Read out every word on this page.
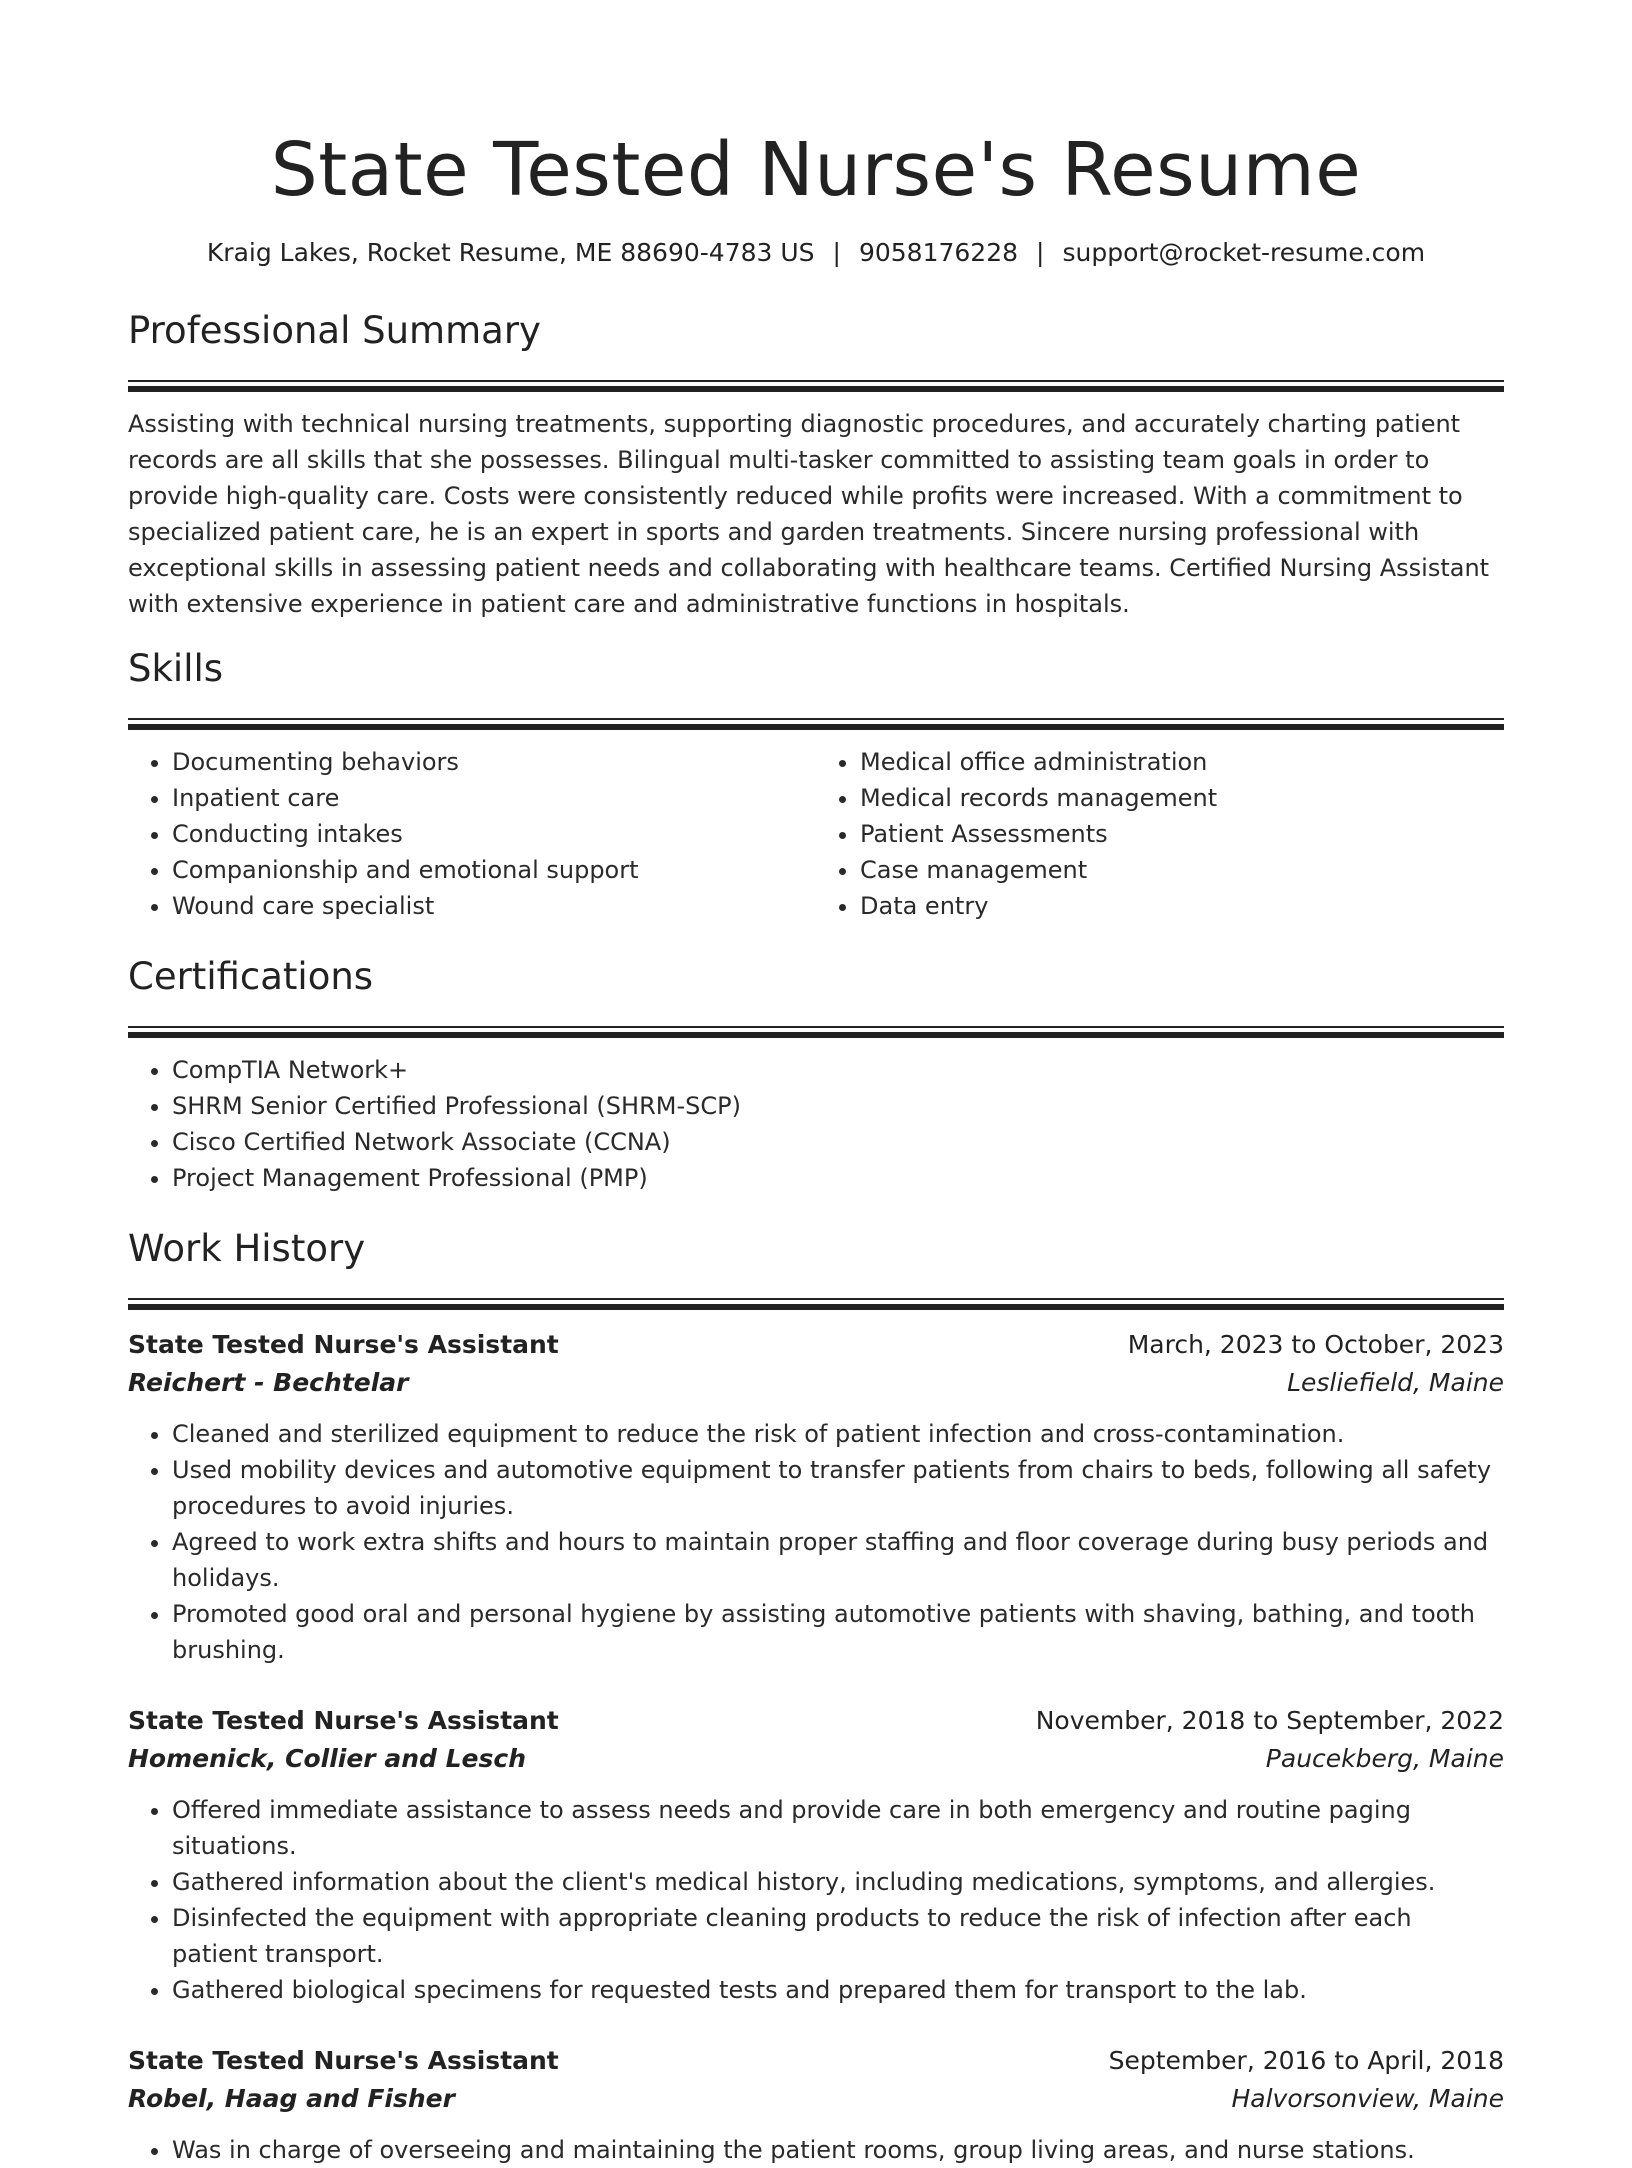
State Tested Nurse's Resume
Kraig Lakes, Rocket Resume, ME 88690-4783 US | 9058176228 | support@rocket-resume.com
Professional Summary

Assisting with technical nursing treatments, supporting diagnostic procedures, and accurately charting patient records are all skills that she possesses. Bilingual multi-tasker committed to assisting team goals in order to provide high-quality care. Costs were consistently reduced while profits were increased. With a commitment to specialized patient care, he is an expert in sports and garden treatments. Sincere nursing professional with exceptional skills in assessing patient needs and collaborating with healthcare teams. Certified Nursing Assistant with extensive experience in patient care and administrative functions in hospitals.

Skills
• Documenting behaviors
• Inpatient care
• Conducting intakes
• Companionship and emotional support
• Wound care specialist
• Medical office administration
• Medical records management
• Patient Assessments
• Case management
• Data entry
Certifications
• CompTIA Network+
• SHRM Senior Certified Professional (SHRM-SCP)
• Cisco Certified Network Associate (CCNA)
• Project Management Professional (PMP)
Work History
State Tested Nurse's Assistant	March, 2023 to October, 2023
Reichert - Bechtelar	Lesliefield, Maine
• Cleaned and sterilized equipment to reduce the risk of patient infection and cross-contamination.
• Used mobility devices and automotive equipment to transfer patients from chairs to beds, following all safety procedures to avoid injuries.
• Agreed to work extra shifts and hours to maintain proper staffing and floor coverage during busy periods and holidays.
• Promoted good oral and personal hygiene by assisting automotive patients with shaving, bathing, and tooth brushing.
State Tested Nurse's Assistant	November, 2018 to September, 2022
Homenick, Collier and Lesch	Paucekberg, Maine
• Offered immediate assistance to assess needs and provide care in both emergency and routine paging situations.
• Gathered information about the client's medical history, including medications, symptoms, and allergies.
• Disinfected the equipment with appropriate cleaning products to reduce the risk of infection after each patient transport.
• Gathered biological specimens for requested tests and prepared them for transport to the lab.
State Tested Nurse's Assistant	September, 2016 to April, 2018
Robel, Haag and Fisher	Halvorsonview, Maine
• Was in charge of overseeing and maintaining the patient rooms, group living areas, and nurse stations.
